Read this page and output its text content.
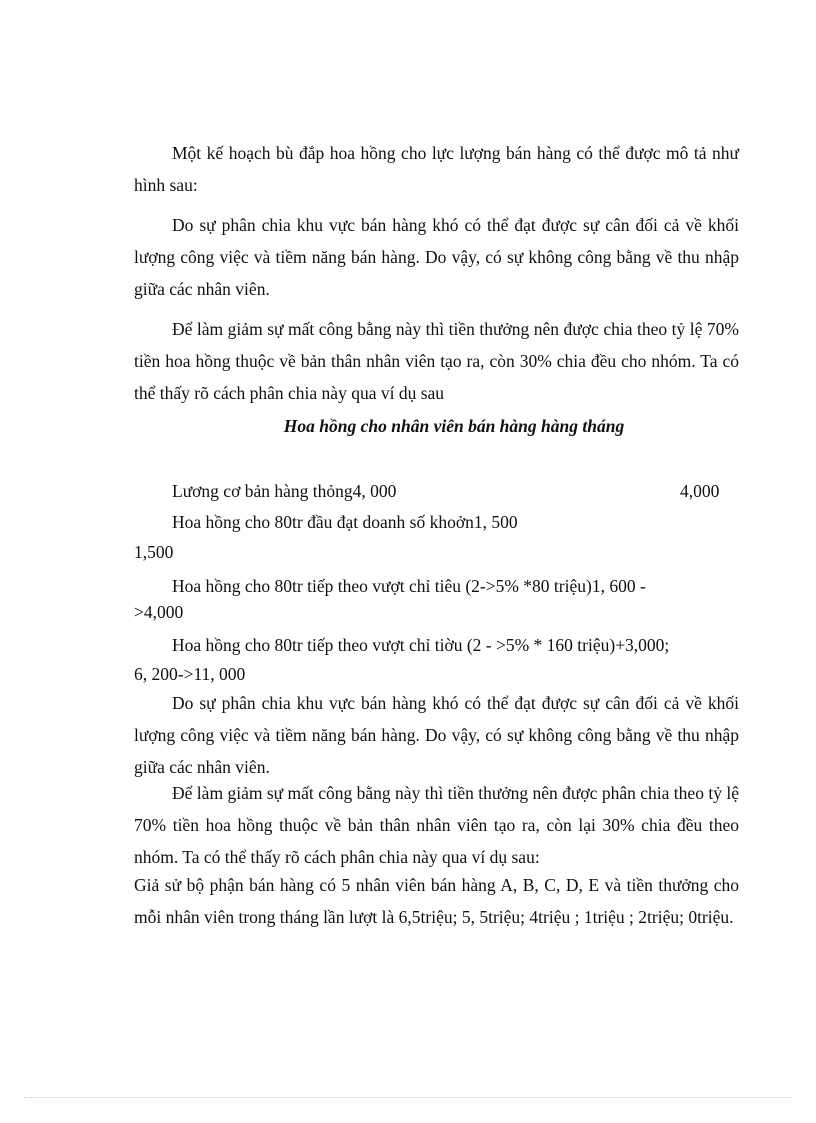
Một kế hoạch bù đắp hoa hồng cho lực lượng bán hàng có thể được mô tả như hình sau:

Do sự phân chia khu vực bán hàng khó có thể đạt được sự cân đối cả về khối lượng công việc và tiềm năng bán hàng. Do vậy, có sự không công bằng về thu nhập giữa các nhân viên.

Để làm giảm sự mất công bằng này thì tiền thưởng nên được chia theo tỷ lệ 70% tiền hoa hồng thuộc về bản thân nhân viên tạo ra, còn 30% chia đều cho nhóm. Ta có thể thấy rõ cách phân chia này qua ví dụ sau

Hoa hồng cho nhân viên bán hàng hàng tháng

Lương cơ bản hàng thỏng4, 000	4,000

Hoa hồng cho 80tr đầu đạt doanh số khoởn1, 500

1,500

Hoa hồng cho 80tr tiếp theo vượt chỉ tiêu (2->5% *80 triệu)1, 600 -

>4,000

Hoa hồng cho 80tr tiếp theo vượt chỉ tiờu (2 - >5% * 160 triệu)+3,000;

6, 200->11, 000

Do sự phân chia khu vực bán hàng khó có thể đạt được sự cân đối cả về khối lượng công việc và tiềm năng bán hàng. Do vậy, có sự không công bằng về thu nhập giữa các nhân viên.

Để làm giảm sự mất công bằng này thì tiền thưởng nên được phân chia theo tỷ lệ 70% tiền hoa hồng thuộc về bản thân nhân viên tạo ra, còn lại 30% chia đều theo nhóm. Ta có thể thấy rõ cách phân chia này qua ví dụ sau:

Giả sử bộ phận bán hàng có 5 nhân viên bán hàng A, B, C, D, E và tiền thưởng cho mỗi nhân viên trong tháng lần lượt là 6,5triệu; 5, 5triệu; 4triệu ; 1triệu ; 2triệu; 0triệu.
